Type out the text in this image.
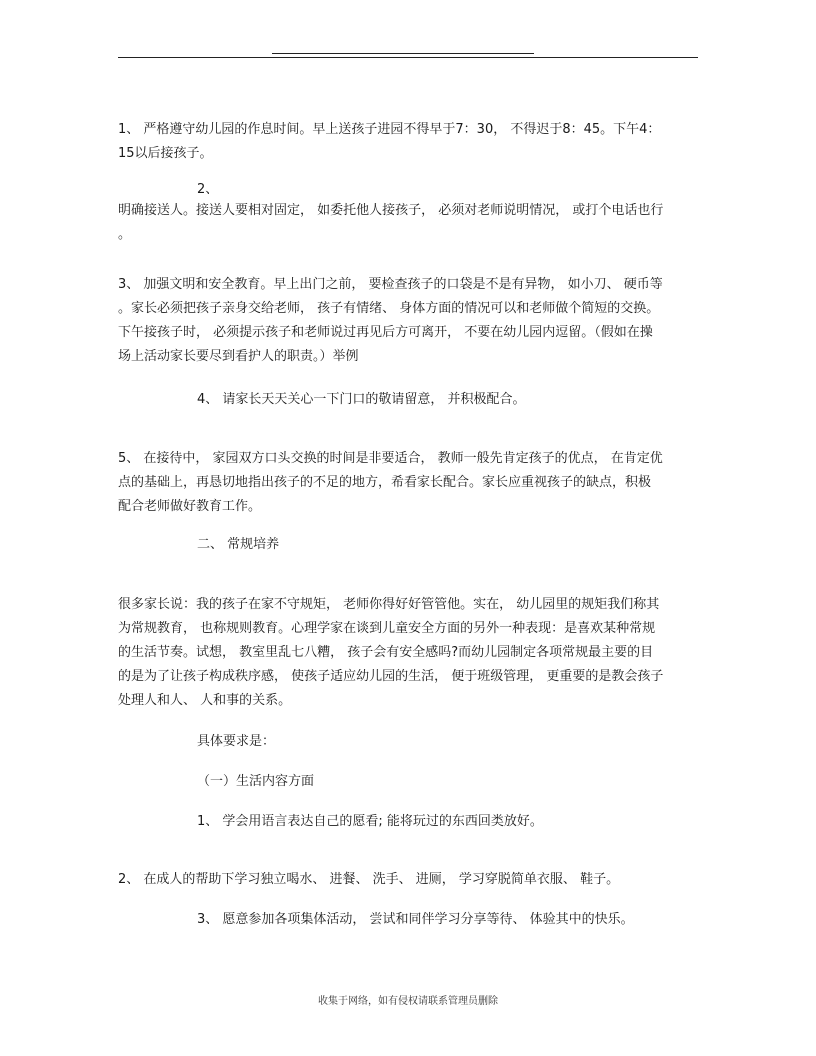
1、 严格遵守幼儿园的作息时间。早上送孩子进园不得早于7：30， 不得迟于8：45。下午4：
15以后接孩子。

2、

明确接送人。接送人要相对固定， 如委托他人接孩子， 必须对老师说明情况， 或打个电话也行
。

3、 加强文明和安全教育。早上出门之前， 要检查孩子的口袋是不是有异物， 如小刀、 硬币等
。家长必须把孩子亲身交给老师， 孩子有情绪、 身体方面的情况可以和老师做个简短的交换。
下午接孩子时， 必须提示孩子和老师说过再见后方可离开， 不要在幼儿园内逗留。（假如在操
场上活动家长要尽到看护人的职责。）举例

4、 请家长天天关心一下门口的敬请留意， 并积极配合。

5、 在接待中， 家园双方口头交换的时间是非要适合， 教师一般先肯定孩子的优点， 在肯定优
点的基础上，再恳切地指出孩子的不足的地方，希看家长配合。家长应重视孩子的缺点，积极
配合老师做好教育工作。

二、 常规培养

很多家长说：我的孩子在家不守规矩， 老师你得好好管管他。实在， 幼儿园里的规矩我们称其
为常规教育， 也称规则教育。心理学家在谈到儿童安全方面的另外一种表现：是喜欢某种常规
的生活节奏。试想， 教室里乱七八糟， 孩子会有安全感吗?而幼儿园制定各项常规最主要的目
的是为了让孩子构成秩序感， 使孩子适应幼儿园的生活， 便于班级管理， 更重要的是教会孩子
处理人和人、 人和事的关系。

具体要求是：

（一）生活内容方面

1、 学会用语言表达自己的愿看; 能将玩过的东西回类放好。

2、 在成人的帮助下学习独立喝水、 进餐、 洗手、 进厕， 学习穿脱简单衣服、 鞋子。

3、 愿意参加各项集体活动， 尝试和同伴学习分享等待、 体验其中的快乐。

收集于网络，如有侵权请联系管理员删除
